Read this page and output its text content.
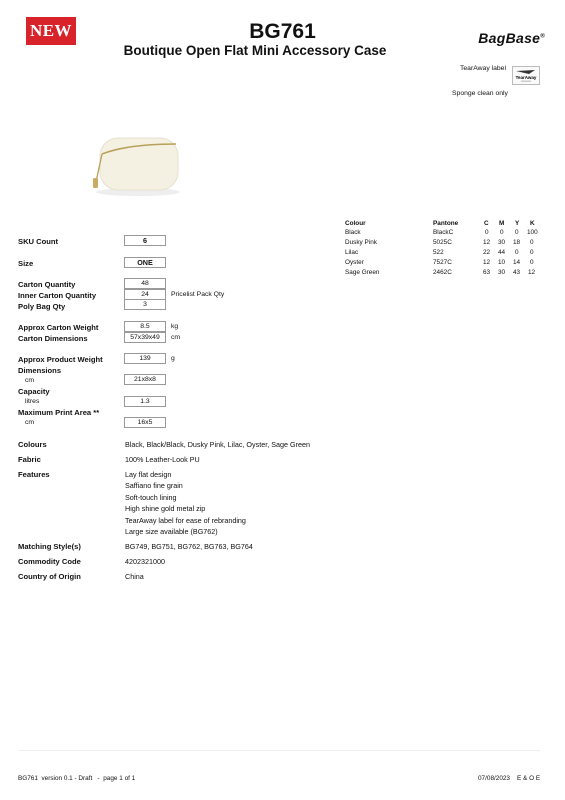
NEW	BG761
Boutique Open Flat Mini Accessory Case
BagBase®
TearAway label
TearAway
Sponge clean only
Colour	Pantone	C M Y K
Black	BlackC	0 0 0 100
Dusky Pink	5025C	12 30 18 0
Lilac	522	22 44 0 0
Oyster	7527C	12 10 14 0
Sage Green	2462C	63 30 43 12
SKU Count	6
Size	ONE
Carton Quantity	48
Inner Carton Quantity	24	Pricelist Pack Qty
Poly Bag Qty	3
Approx Carton Weight	8.5	kg
Carton Dimensions	57x39x49	cm
Approx Product Weight	139	g
Dimensions
cm	21x8x8
Capacity
litres	1.3
Maximum Print Area **
cm	16x5
Colours	Black, Black/Black, Dusky Pink, Lilac, Oyster, Sage Green
Fabric	100% Leather-Look PU
Features	Lay flat design
Saffiano fine grain
Soft-touch lining
High shine gold metal zip
TearAway label for ease of rebranding
Large size available (BG762)
Matching Style(s)	BG749, BG751, BG762, BG763, BG764
Commodity Code	4202321000
Country of Origin	China
BG761  version 0.1 - Draft   -  page 1 of 1	07/08/2023 E & O E
